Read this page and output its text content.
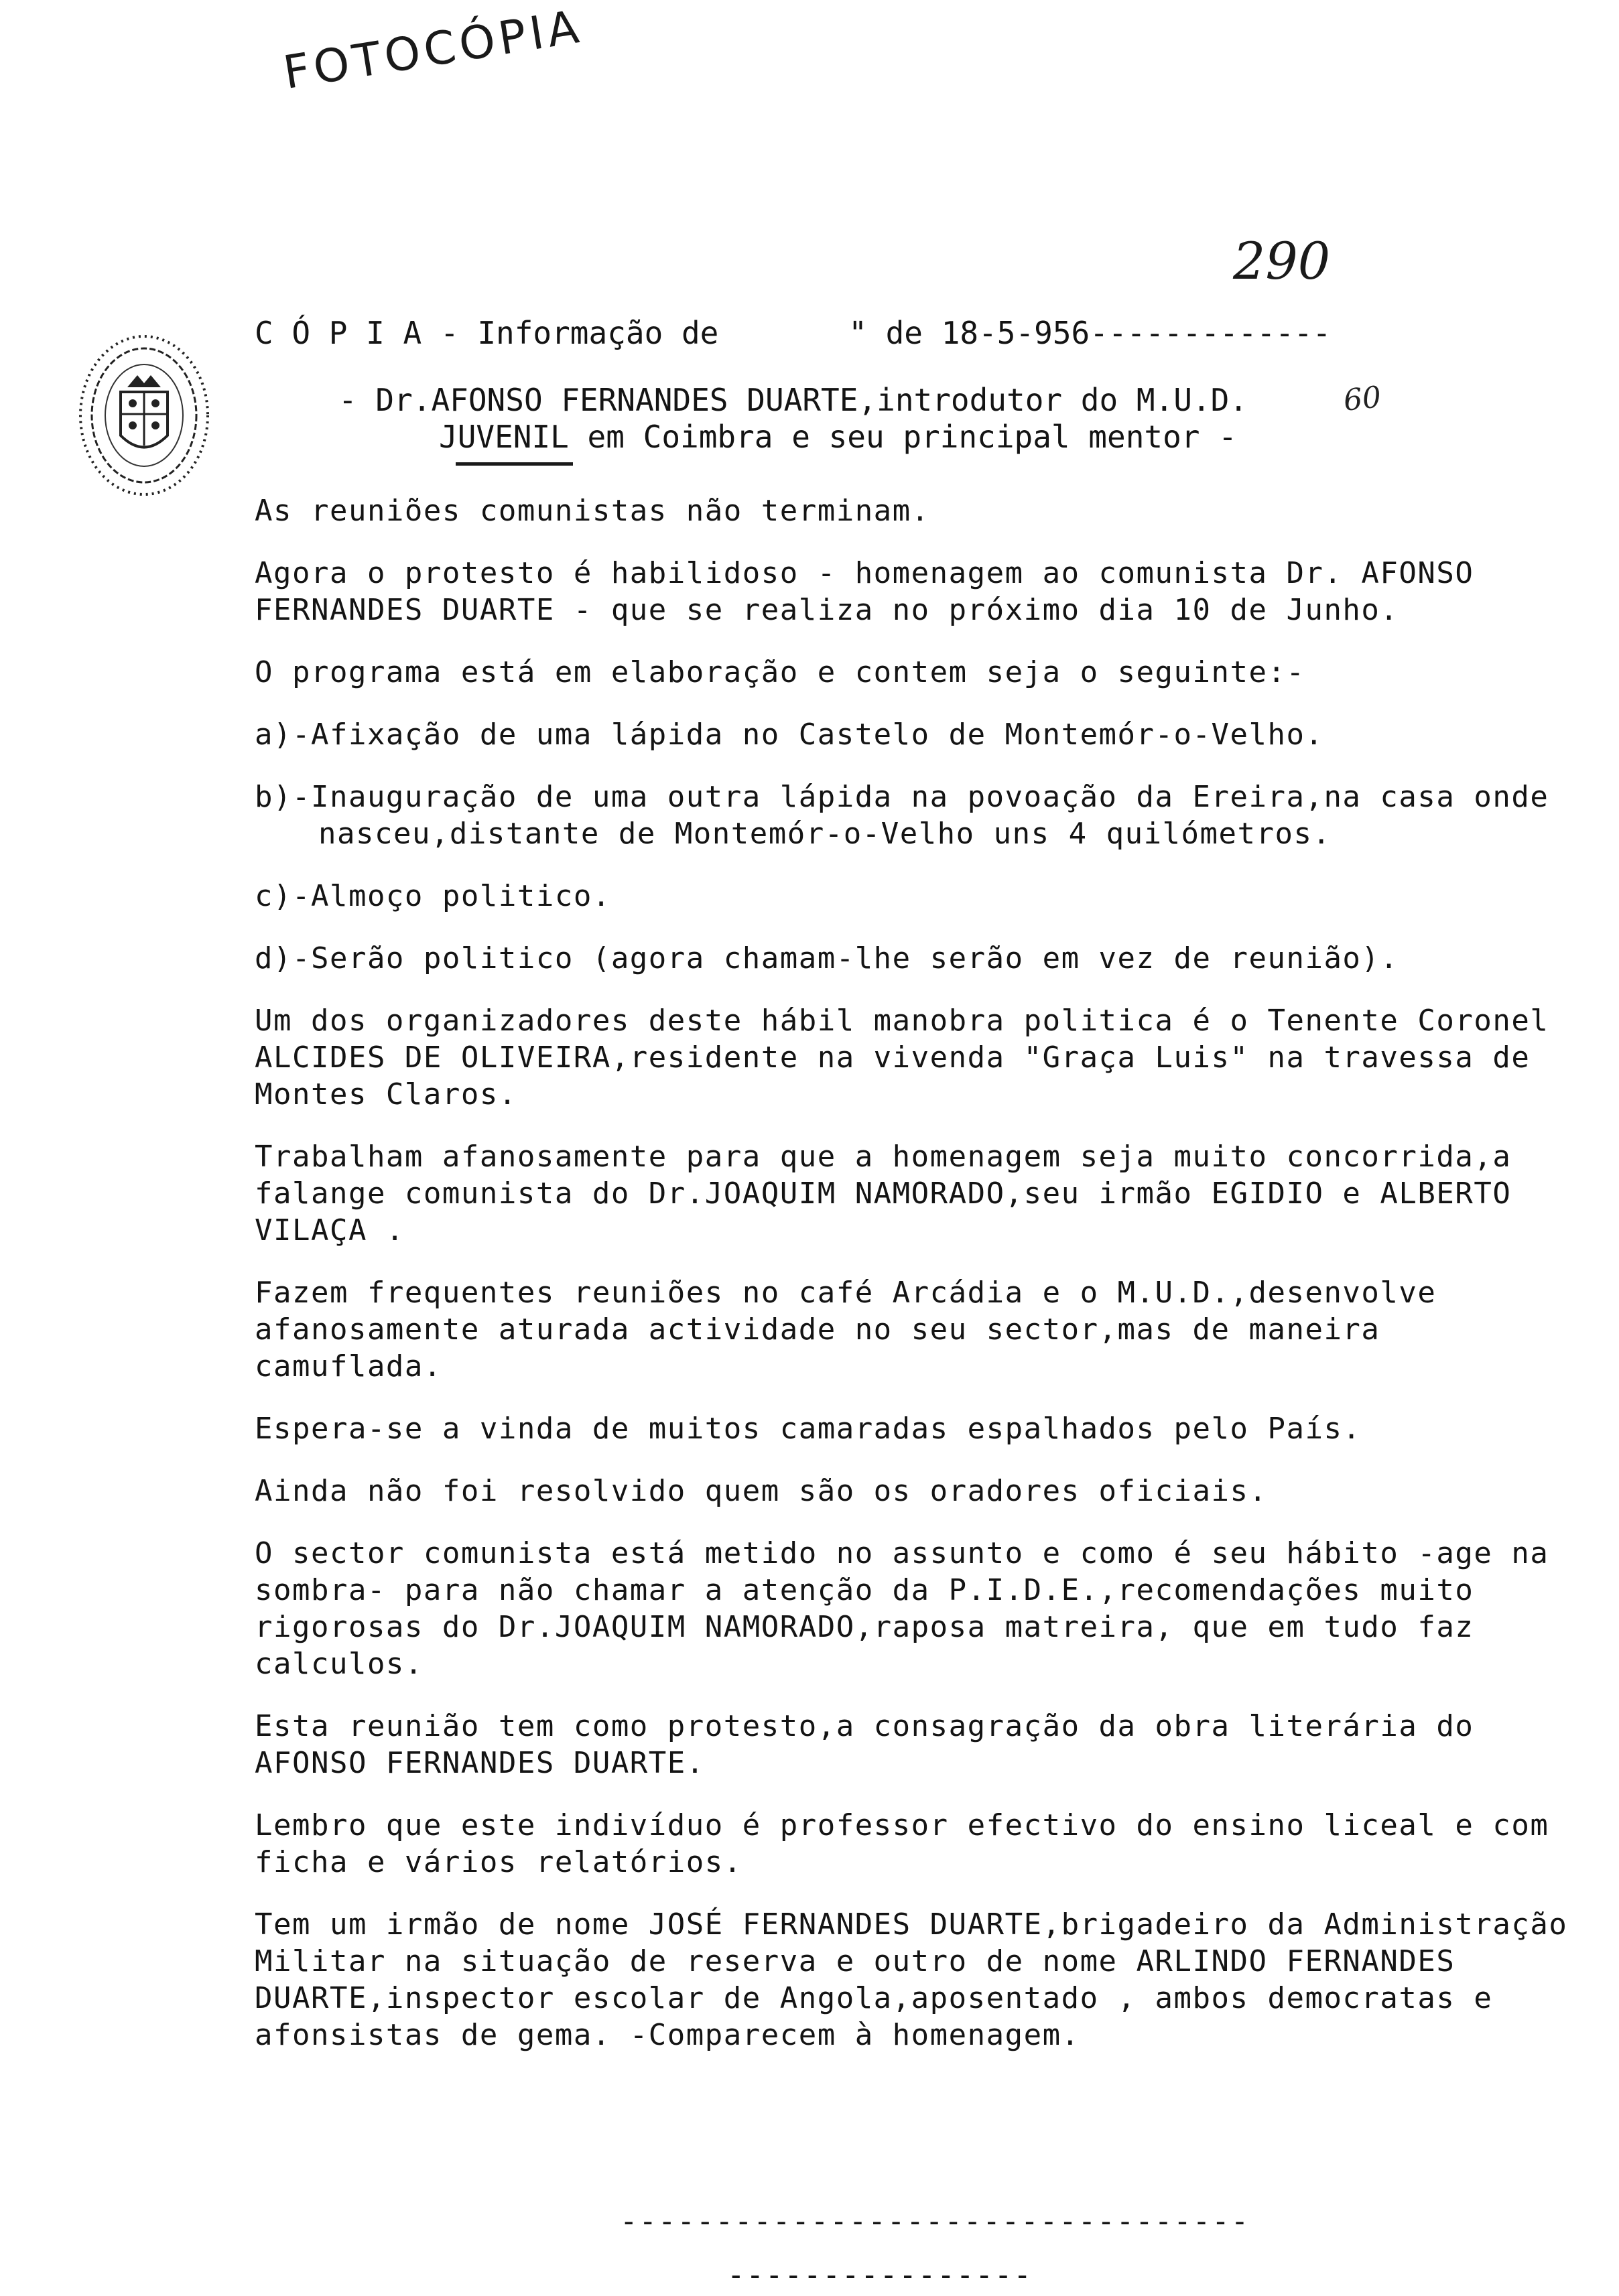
FOTOCÓPIA
290
C Ó P I A - Informação de       " de 18-5-956-------------
- Dr.AFONSO FERNANDES DUARTE,introdutor do M.U.D.
JUVENIL em Coimbra e seu principal mentor -
60

As reuniões comunistas não terminam.

Agora o protesto é habilidoso - homenagem ao comunista Dr. AFONSO FERNANDES DUARTE - que se realiza no próximo dia 10 de Junho.

O programa está em elaboração e contem seja o seguinte:-

a)-Afixação de uma lápida no Castelo de Montemór-o-Velho.

b)-Inauguração de uma outra lápida na povoação da Ereira,na casa onde nasceu,distante de Montemór-o-Velho uns 4 quilómetros.

c)-Almoço politico.

d)-Serão politico (agora chamam-lhe serão em vez de reunião).

Um dos organizadores deste hábil manobra politica é o Tenente Coronel ALCIDES DE OLIVEIRA,residente na vivenda "Graça Luis" na travessa de Montes Claros.

Trabalham afanosamente para que a homenagem seja muito concorrida,a falange comunista do Dr.JOAQUIM NAMORADO,seu irmão EGIDIO e ALBERTO VILAÇA .

Fazem frequentes reuniões no café Arcádia e o M.U.D.,desenvolve afanosamente aturada actividade no seu sector,mas de maneira camuflada.

Espera-se a vinda de muitos camaradas espalhados pelo País.

Ainda não foi resolvido quem são os oradores oficiais.

O sector comunista está metido no assunto e como é seu hábito -age na sombra- para não chamar a atenção da P.I.D.E.,recomendações muito rigorosas do Dr.JOAQUIM NAMORADO,raposa matreira, que em tudo faz calculos.

Esta reunião tem como protesto,a consagração da obra literária do AFONSO FERNANDES DUARTE.

Lembro que este indivíduo é professor efectivo do ensino liceal e com ficha e vários relatórios.

Tem um irmão de nome JOSÉ FERNANDES DUARTE,brigadeiro da Administração Militar na situação de reserva e outro de nome ARLINDO FERNANDES DUARTE,inspector escolar de Angola,aposentado , ambos democratas e afonsistas de gema. -Comparecem à homenagem.

---------------------------------
----------------
